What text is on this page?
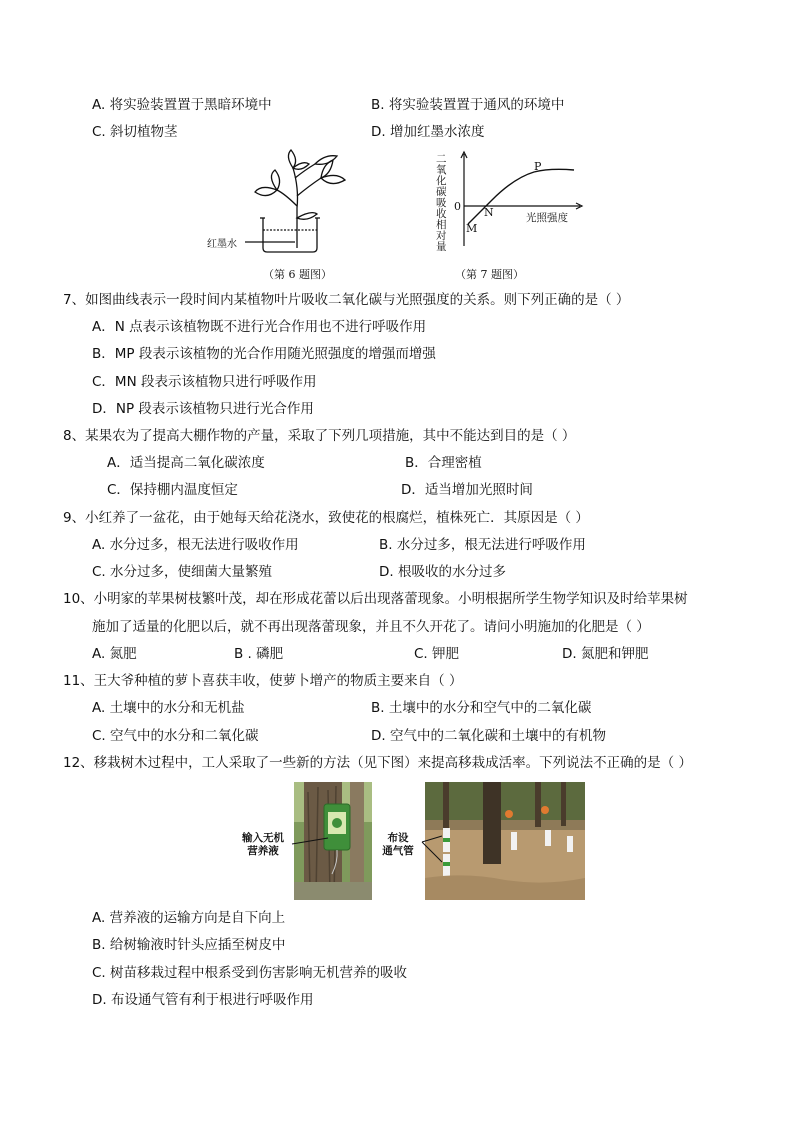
A. 将实验装置置于黑暗环境中	B. 将实验装置置于通风的环境中
C. 斜切植物茎	D. 增加红墨水浓度
红墨水
（第 6 题图）
二
氧
化
碳
吸
收
相
对
量
0
M
N
P
光照强度
（第 7 题图）
7、如图曲线表示一段时间内某植物叶片吸收二氧化碳与光照强度的关系。则下列正确的是（ ）
A．N 点表示该植物既不进行光合作用也不进行呼吸作用
B．MP 段表示该植物的光合作用随光照强度的增强而增强
C．MN 段表示该植物只进行呼吸作用
D．NP 段表示该植物只进行光合作用
8、某果农为了提高大棚作物的产量，采取了下列几项措施，其中不能达到目的是（ ）
A．适当提高二氧化碳浓度	B．合理密植
C．保持棚内温度恒定	D．适当增加光照时间
9、小红养了一盆花，由于她每天给花浇水，致使花的根腐烂，植株死亡．其原因是（ ）
A. 水分过多，根无法进行吸收作用	B. 水分过多，根无法进行呼吸作用
C. 水分过多，使细菌大量繁殖	D. 根吸收的水分过多
10、小明家的苹果树枝繁叶茂，却在形成花蕾以后出现落蕾现象。小明根据所学生物学知识及时给苹果树
施加了适量的化肥以后，就不再出现落蕾现象，并且不久开花了。请问小明施加的化肥是（ ）
A. 氮肥	B . 磷肥	C. 钾肥	D. 氮肥和钾肥
11、王大爷种植的萝卜喜获丰收，使萝卜增产的物质主要来自（ ）
A. 土壤中的水分和无机盐	B. 土壤中的水分和空气中的二氧化碳
C. 空气中的水分和二氧化碳	D. 空气中的二氧化碳和土壤中的有机物
12、移栽树木过程中，工人采取了一些新的方法（见下图）来提高移栽成活率。下列说法不正确的是（ ）
输入无机
营养液
布设
通气管
A. 营养液的运输方向是自下向上
B. 给树输液时针头应插至树皮中
C. 树苗移栽过程中根系受到伤害影响无机营养的吸收
D. 布设通气管有利于根进行呼吸作用
